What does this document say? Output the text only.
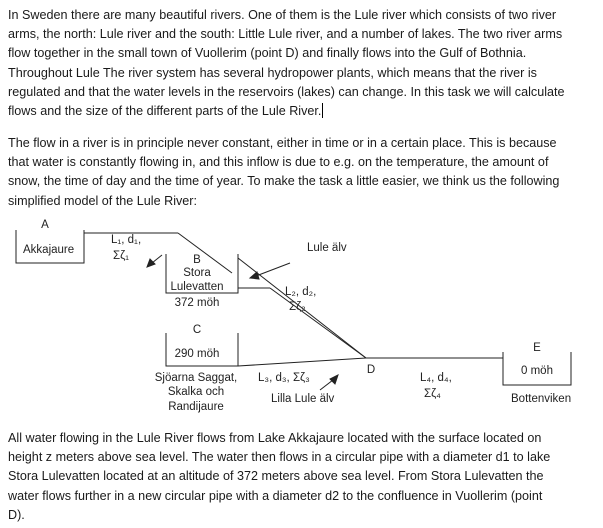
In Sweden there are many beautiful rivers. One of them is the Lule river which consists of two river
arms, the north: Lule river and the south: Little Lule river, and a number of lakes. The two river arms
flow together in the small town of Vuollerim (point D) and finally flows into the Gulf of Bothnia.
Throughout Lule The river system has several hydropower plants, which means that the river is
regulated and that the water levels in the reservoirs (lakes) can change. In this task we will calculate
flows and the size of the different parts of the Lule River.
The flow in a river is in principle never constant, either in time or in a certain place. This is because
that water is constantly flowing in, and this inflow is due to e.g. on the temperature, the amount of
snow, the time of day and the time of year. To make the task a little easier, we think us the following
simplified model of the Lule River:
A
Akkajaure
L₁, d₁,
Σζ₁	B
Stora
Lulevatten
372 möh
Lule älv
L₂, d₂,
Σζ₂
C
290 möh
Sjöarna Saggat,
Skalka och
Randijaure
L₃, d₃, Σζ₃
Lilla Lule älv
D
L₄, d₄,
Σζ₄
E
0 möh
Bottenviken
All water flowing in the Lule River flows from Lake Akkajaure located with the surface located on
height z meters above sea level. The water then flows in a circular pipe with a diameter d1 to lake
Stora Lulevatten located at an altitude of 372 meters above sea level. From Stora Lulevatten the
water flows further in a new circular pipe with a diameter d2 to the confluence in Vuollerim (point
D).
